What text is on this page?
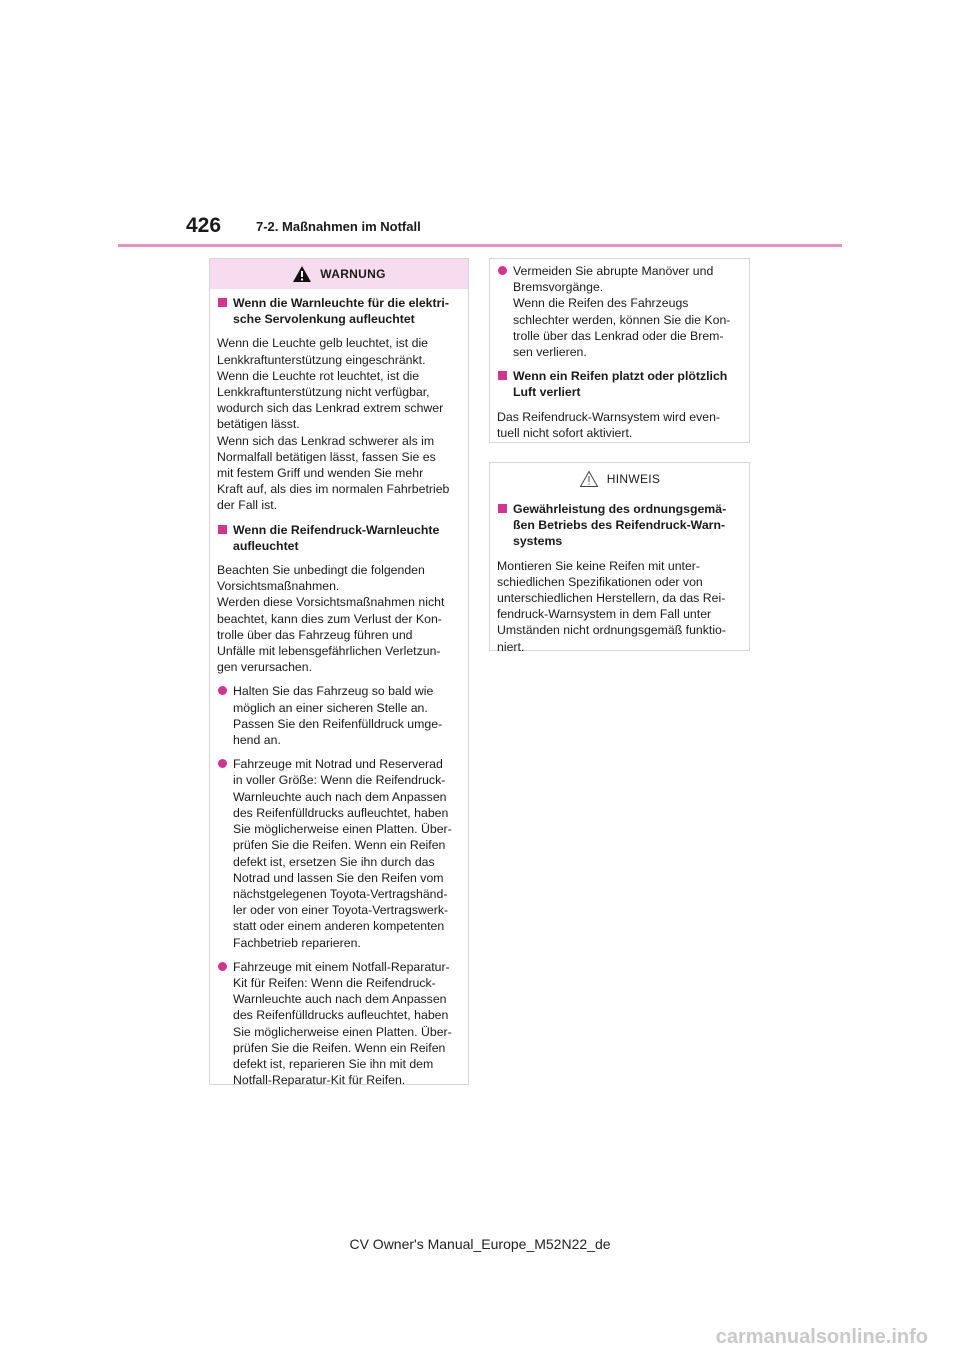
426	7-2. Maßnahmen im Notfall
WARNUNG
Wenn die Warnleuchte für die elektri-
sche Servolenkung aufleuchtet
Wenn die Leuchte gelb leuchtet, ist die
Lenkkraftunterstützung eingeschränkt.
Wenn die Leuchte rot leuchtet, ist die
Lenkkraftunterstützung nicht verfügbar,
wodurch sich das Lenkrad extrem schwer
betätigen lässt.
Wenn sich das Lenkrad schwerer als im
Normalfall betätigen lässt, fassen Sie es
mit festem Griff und wenden Sie mehr
Kraft auf, als dies im normalen Fahrbetrieb
der Fall ist.
Wenn die Reifendruck-Warnleuchte
aufleuchtet
Beachten Sie unbedingt die folgenden
Vorsichtsmaßnahmen.
Werden diese Vorsichtsmaßnahmen nicht
beachtet, kann dies zum Verlust der Kon-
trolle über das Fahrzeug führen und
Unfälle mit lebensgefährlichen Verletzun-
gen verursachen.
Halten Sie das Fahrzeug so bald wie
möglich an einer sicheren Stelle an.
Passen Sie den Reifenfülldruck umge-
hend an.
Fahrzeuge mit Notrad und Reserverad
in voller Größe: Wenn die Reifendruck-
Warnleuchte auch nach dem Anpassen
des Reifenfülldrucks aufleuchtet, haben
Sie möglicherweise einen Platten. Über-
prüfen Sie die Reifen. Wenn ein Reifen
defekt ist, ersetzen Sie ihn durch das
Notrad und lassen Sie den Reifen vom
nächstgelegenen Toyota-Vertragshänd-
ler oder von einer Toyota-Vertragswerk-
statt oder einem anderen kompetenten
Fachbetrieb reparieren.
Fahrzeuge mit einem Notfall-Reparatur-
Kit für Reifen: Wenn die Reifendruck-
Warnleuchte auch nach dem Anpassen
des Reifenfülldrucks aufleuchtet, haben
Sie möglicherweise einen Platten. Über-
prüfen Sie die Reifen. Wenn ein Reifen
defekt ist, reparieren Sie ihn mit dem
Notfall-Reparatur-Kit für Reifen.
Vermeiden Sie abrupte Manöver und
Bremsvorgänge.
Wenn die Reifen des Fahrzeugs
schlechter werden, können Sie die Kon-
trolle über das Lenkrad oder die Brem-
sen verlieren.
Wenn ein Reifen platzt oder plötzlich
Luft verliert
Das Reifendruck-Warnsystem wird even-
tuell nicht sofort aktiviert.
HINWEIS
Gewährleistung des ordnungsgemä-
ßen Betriebs des Reifendruck-Warn-
systems
Montieren Sie keine Reifen mit unter-
schiedlichen Spezifikationen oder von
unterschiedlichen Herstellern, da das Rei-
fendruck-Warnsystem in dem Fall unter
Umständen nicht ordnungsgemäß funktio-
niert.
CV Owner's Manual_Europe_M52N22_de
carmanualsonline.info
